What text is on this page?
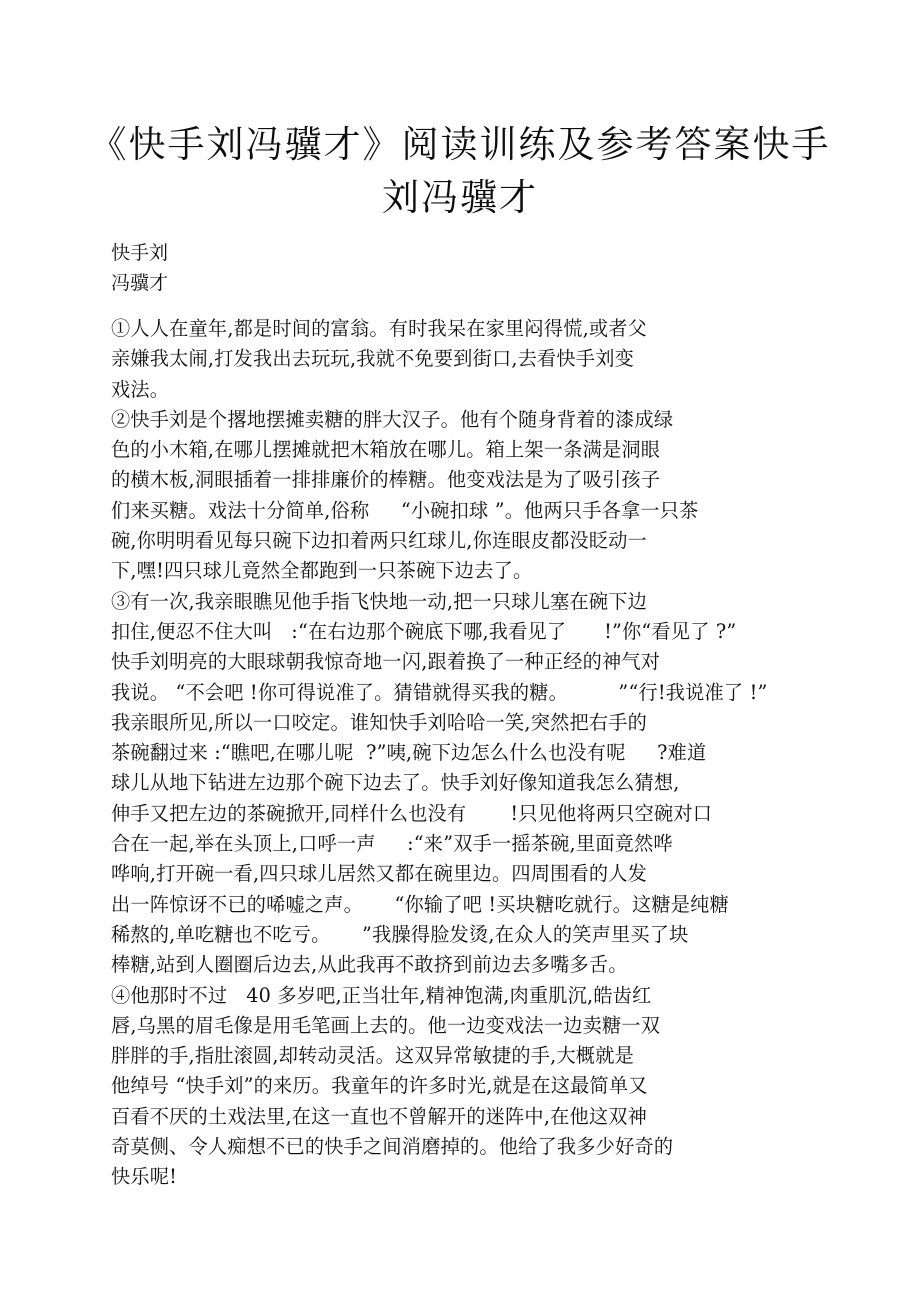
《快手刘冯骥才》阅读训练及参考答案快手
刘冯骥才
快手刘
冯骥才
①人人在童年,都是时间的富翁。有时我呆在家里闷得慌,或者父
亲嫌我太闹,打发我出去玩玩,我就不免要到街口,去看快手刘变
戏法。
②快手刘是个撂地摆摊卖糖的胖大汉子。他有个随身背着的漆成绿
色的小木箱,在哪儿摆摊就把木箱放在哪儿。箱上架一条满是洞眼
的横木板,洞眼插着一排排廉价的棒糖。他变戏法是为了吸引孩子
们来买糖。戏法十分简单,俗称     “小碗扣球 ”。他两只手各拿一只茶
碗,你明明看见每只碗下边扣着两只红球儿,你连眼皮都没眨动一
下,嘿!四只球儿竟然全都跑到一只茶碗下边去了。
③有一次,我亲眼瞧见他手指飞快地一动,把一只球儿塞在碗下边
扣住,便忍不住大叫   :“在右边那个碗底下哪,我看见了      !”你“看见了 ?”
快手刘明亮的大眼球朝我惊奇地一闪,跟着换了一种正经的神气对
我说。 “不会吧 !你可得说准了。猜错就得买我的糖。        ”“行!我说准了 !”
我亲眼所见,所以一口咬定。谁知快手刘哈哈一笑,突然把右手的
茶碗翻过来 :“瞧吧,在哪儿呢  ?”咦,碗下边怎么什么也没有呢     ?难道
球儿从地下钻进左边那个碗下边去了。快手刘好像知道我怎么猜想,
伸手又把左边的茶碗掀开,同样什么也没有       !只见他将两只空碗对口
合在一起,举在头顶上,口呼一声     :“来”双手一摇茶碗,里面竟然哗
哗响,打开碗一看,四只球儿居然又都在碗里边。四周围看的人发
出一阵惊讶不已的唏嘘之声。     “你输了吧 !买块糖吃就行。这糖是纯糖
稀熬的,单吃糖也不吃亏。     ”我臊得脸发烫,在众人的笑声里买了块
棒糖,站到人圈圈后边去,从此我再不敢挤到前边去多嘴多舌。
④他那时不过   40 多岁吧,正当壮年,精神饱满,肉重肌沉,皓齿红
唇,乌黑的眉毛像是用毛笔画上去的。他一边变戏法一边卖糖一双
胖胖的手,指肚滚圆,却转动灵活。这双异常敏捷的手,大概就是
他绰号 “快手刘”的来历。我童年的许多时光,就是在这最简单又
百看不厌的土戏法里,在这一直也不曾解开的迷阵中,在他这双神
奇莫侧、令人痴想不已的快手之间消磨掉的。他给了我多少好奇的
快乐呢!
